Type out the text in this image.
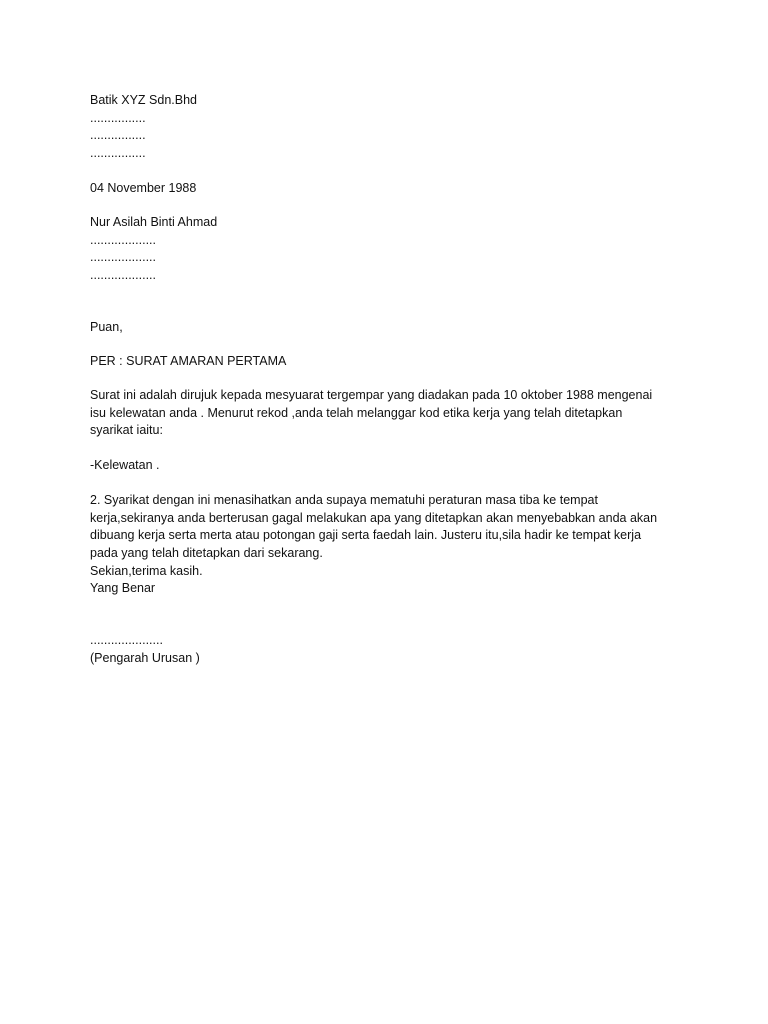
Batik XYZ Sdn.Bhd
................
................
................
04 November 1988
Nur Asilah Binti Ahmad
...................
...................
...................
Puan,
PER : SURAT AMARAN PERTAMA
Surat ini adalah dirujuk kepada mesyuarat tergempar yang diadakan pada 10 oktober 1988 mengenai
isu kelewatan anda . Menurut rekod ,anda telah melanggar kod etika kerja yang telah ditetapkan
syarikat iaitu:
-Kelewatan .
2. Syarikat dengan ini menasihatkan anda supaya mematuhi peraturan masa tiba ke tempat
kerja,sekiranya anda berterusan gagal melakukan apa yang ditetapkan akan menyebabkan anda akan
dibuang kerja serta merta atau potongan gaji serta faedah lain. Justeru itu,sila hadir ke tempat kerja
pada yang telah ditetapkan dari sekarang.
Sekian,terima kasih.
Yang Benar
.....................
(Pengarah Urusan )
